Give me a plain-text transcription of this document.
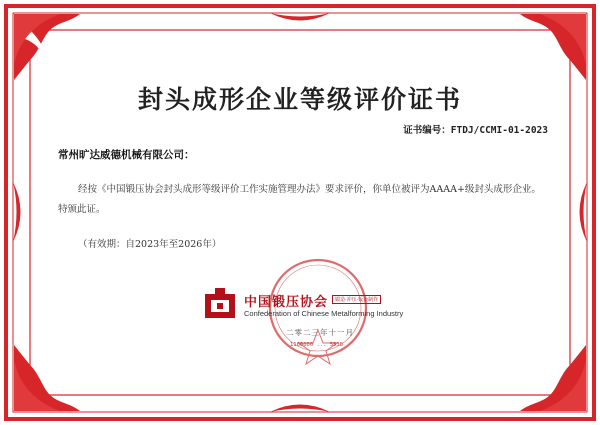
封头成形企业等级评价证书
证书编号：FTDJ/CCMI-01-2023
常州旷达威德机械有限公司：
经按《中国锻压协会封头成形等级评价工作实施管理办法》要求评价，你单位被评为AAAA+级封头成形企业。特颁此证。
（有效期：自2023年至2026年）
中国锻压协会	锻造·冲压·钣金制作
Confederation of Chinese Metalforming Industry
二零二三年十一月
1160000 ... 5538
